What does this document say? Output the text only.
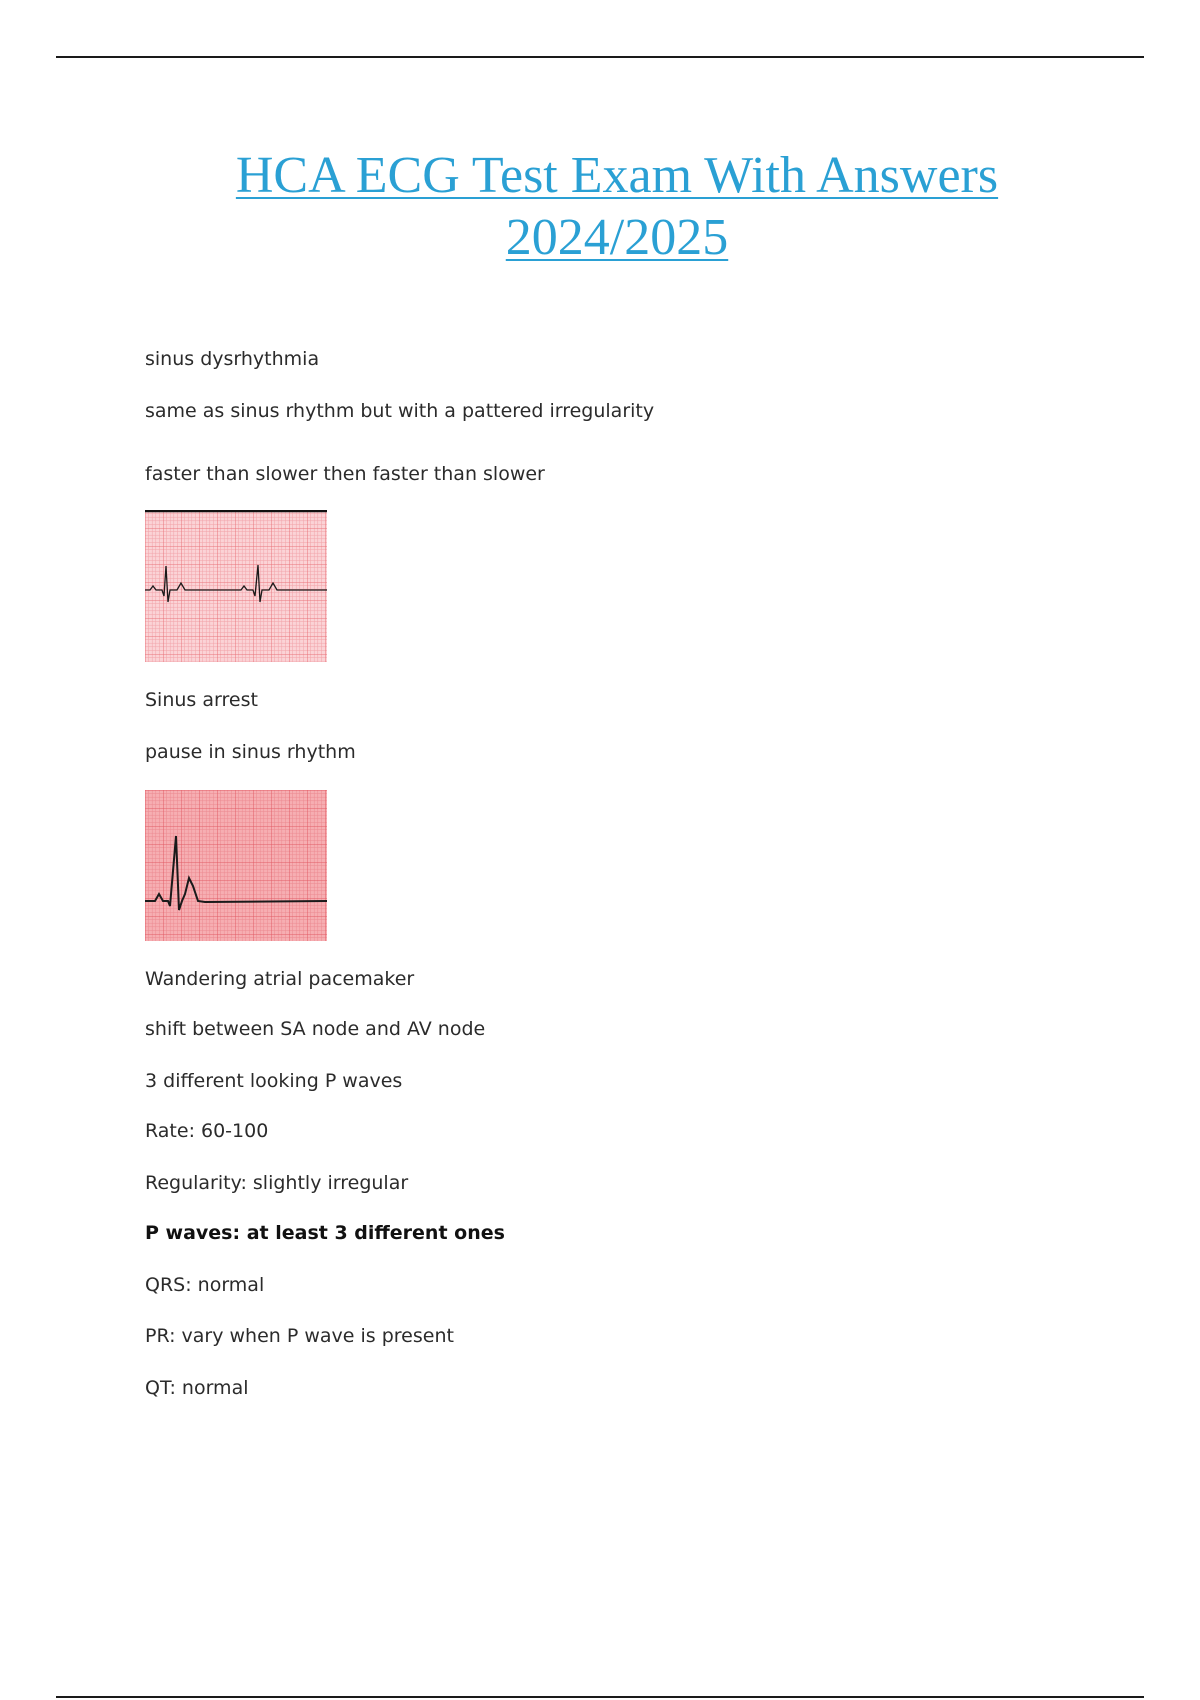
HCA ECG Test Exam With Answers
2024/2025
sinus dysrhythmia
same as sinus rhythm but with a pattered irregularity
faster than slower then faster than slower
Sinus arrest
pause in sinus rhythm
Wandering atrial pacemaker
shift between SA node and AV node
3 different looking P waves
Rate: 60-100
Regularity: slightly irregular
P waves: at least 3 different ones
QRS: normal
PR: vary when P wave is present
QT: normal
